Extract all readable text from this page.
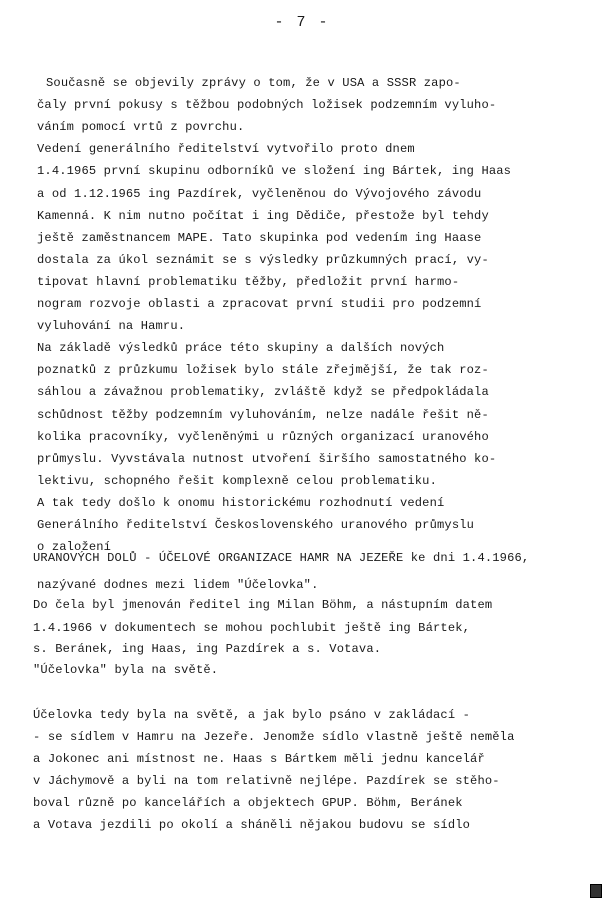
- 7 -
Současně se objevily zprávy o tom, že v USA a SSSR zapo-
čaly první pokusy s těžbou podobných ložisek podzemním vyluho-
váním pomocí vrtů z povrchu.
Vedení generálního ředitelství vytvořilo proto dnem
1.4.1965 první skupinu odborníků ve složení ing Bártek, ing Haas
a od 1.12.1965 ing Pazdírek, vyčleněnou do Vývojového závodu
Kamenná. K nim nutno počítat i ing Dědiče, přestože byl tehdy
ještě zaměstnancem MAPE. Tato skupinka pod vedením ing Haase
dostala za úkol seznámit se s výsledky průzkumných prací, vy-
tipovat hlavní problematiku těžby, předložit první harmo-
nogram rozvoje oblasti a zpracovat první studii pro podzemní
vyluhování na Hamru.
Na základě výsledků práce této skupiny a dalších nových
poznatků z průzkumu ložisek bylo stále zřejmější, že tak roz-
sáhlou a závažnou problematiky, zvláště když se předpokládala
schůdnost těžby podzemním vyluhováním, nelze nadále řešit ně-
kolika pracovníky, vyčleněnými u různých organizací uranového
průmyslu. Vyvstávala nutnost utvoření širšího samostatného ko-
lektivu, schopného řešit komplexně celou problematiku.
A tak tedy došlo k onomu historickému rozhodnutí vedení
Generálního ředitelství Československého uranového průmyslu
o založení
URANOVÝCH DOLŮ - ÚČELOVÉ ORGANIZACE HAMR NA JEZEŘE ke dni 1.4.1966,
nazývané dodnes mezi lidem "Účelovka".
Do čela byl jmenován ředitel ing Milan Böhm, a nástupním datem
1.4.1966 v dokumentech se mohou pochlubit ještě ing Bártek,
s. Beránek, ing Haas, ing Pazdírek a s. Votava.
"Účelovka" byla na světě.
Účelovka tedy byla na světě, a jak bylo psáno v zakládací -
- se sídlem v Hamru na Jezeře. Jenomže sídlo vlastně ještě neměla
a Jokonec ani místnost ne. Haas s Bártkem měli jednu kancelář
v Jáchymově a byli na tom relativně nejlépe. Pazdírek se stěho-
boval různě po kancelářích a objektech GPUP. Böhm, Beránek
a Votava jezdili po okolí a sháněli nějakou budovu se sídlo
